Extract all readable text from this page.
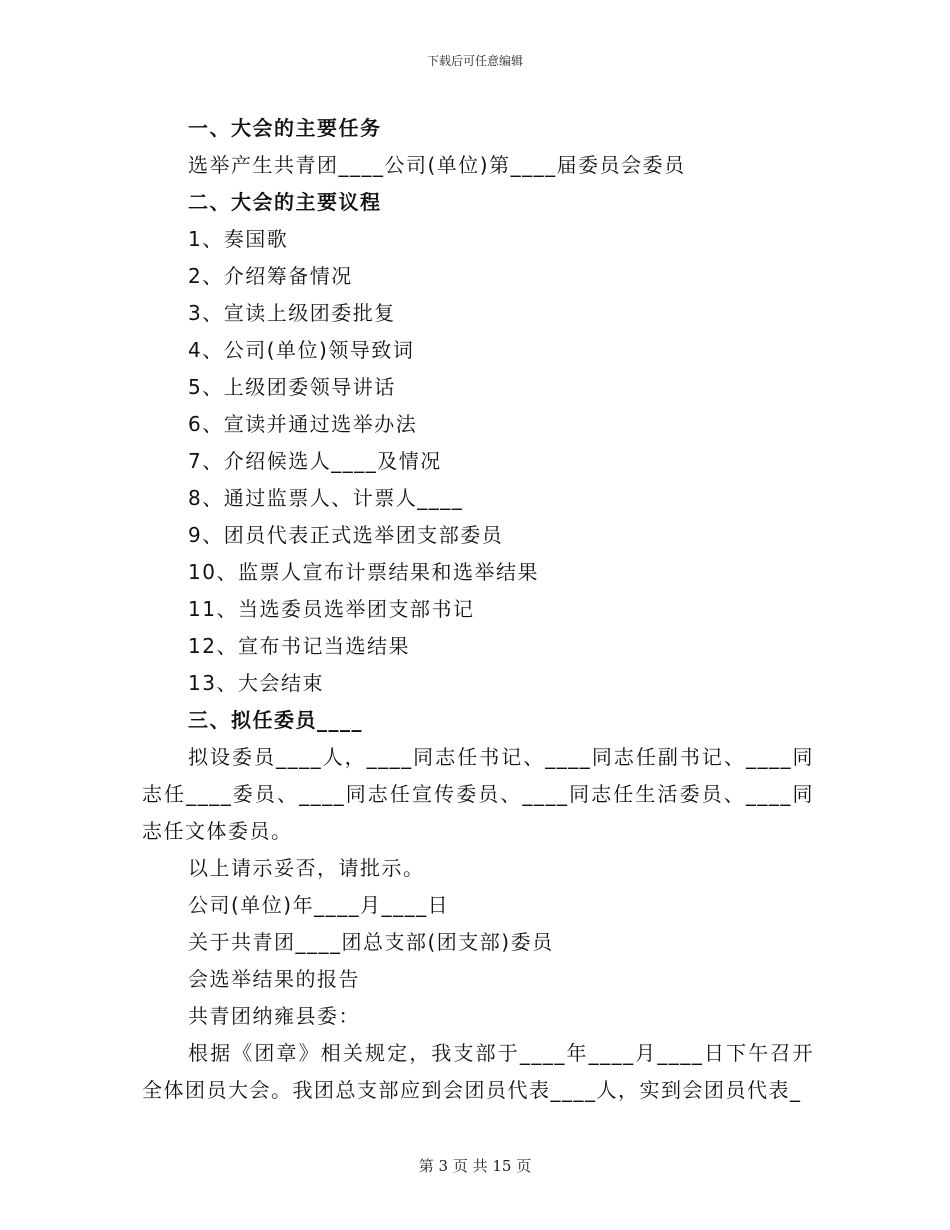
下载后可任意编辑
一、大会的主要任务
选举产生共青团____公司(单位)第____届委员会委员
二、大会的主要议程
1、奏国歌
2、介绍筹备情况
3、宣读上级团委批复
4、公司(单位)领导致词
5、上级团委领导讲话
6、宣读并通过选举办法
7、介绍候选人____及情况
8、通过监票人、计票人____
9、团员代表正式选举团支部委员
10、监票人宣布计票结果和选举结果
11、当选委员选举团支部书记
12、宣布书记当选结果
13、大会结束
三、拟任委员____
拟设委员____人，____同志任书记、____同志任副书记、____同志任____委员、____同志任宣传委员、____同志任生活委员、____同志任文体委员。
以上请示妥否，请批示。
公司(单位)年____月____日
关于共青团____团总支部(团支部)委员
会选举结果的报告
共青团纳雍县委：
根据《团章》相关规定，我支部于____年____月____日下午召开全体团员大会。我团总支部应到会团员代表____人，实到会团员代表_
第 3 页 共 15 页
